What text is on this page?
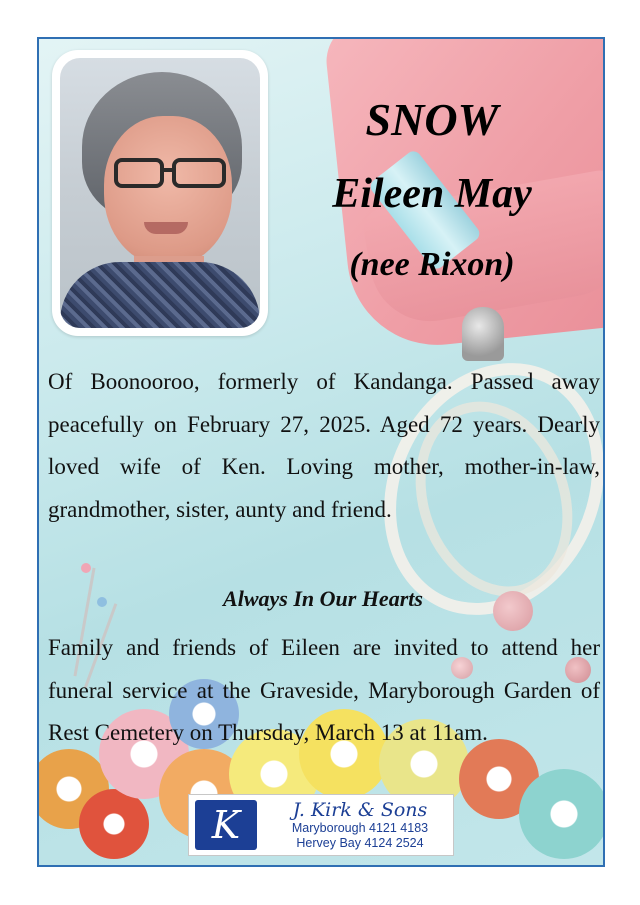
SNOW
Eileen May
(nee Rixon)

Of Boonooroo, formerly of Kandanga. Passed away peacefully on February 27, 2025. Aged 72 years. Dearly loved wife of Ken. Loving mother, mother-in-law, grandmother, sister, aunty and friend.

Always In Our Hearts

Family and friends of Eileen are invited to attend her funeral service at the Graveside, Maryborough Garden of Rest Cemetery on Thursday, March 13 at 11am.

K	J. Kirk & Sons
Maryborough 4121 4183
Hervey Bay 4124 2524
